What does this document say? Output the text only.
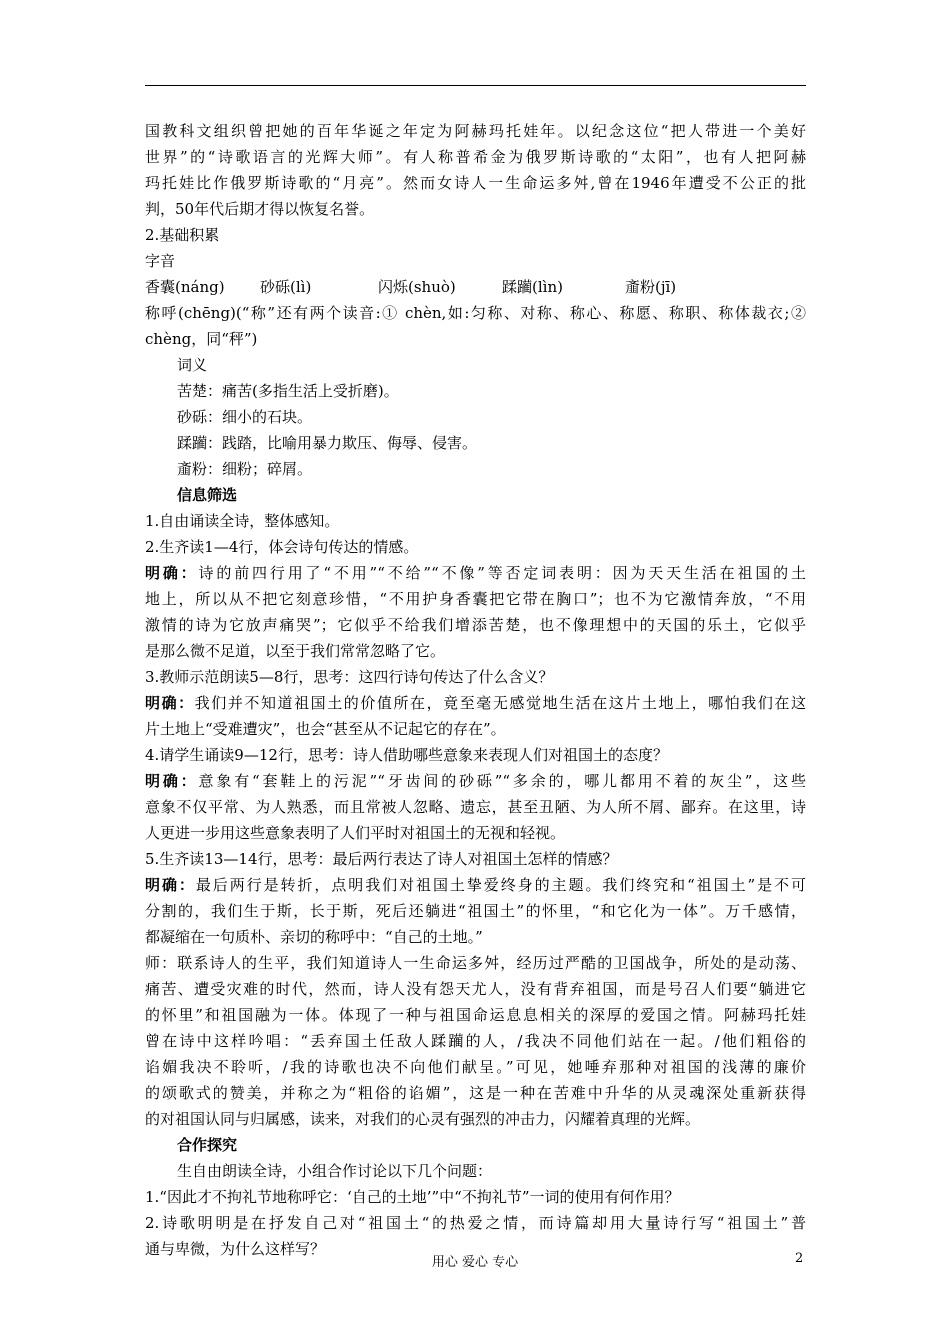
国教科文组织曾把她的百年华诞之年定为阿赫玛托娃年。以纪念这位“把人带进一个美好
世界”的“诗歌语言的光辉大师”。有人称普希金为俄罗斯诗歌的“太阳”，也有人把阿赫
玛托娃比作俄罗斯诗歌的“月亮”。然而女诗人一生命运多舛,曾在1946年遭受不公正的批
判，50年代后期才得以恢复名誉。
2.基础积累
字音
香囊(náng)	砂砾(lì)	闪烁(shuò)	蹂躏(lìn)	齑粉(jī)
称呼(chēng)(“称”还有两个读音:① chèn,如:匀称、对称、称心、称愿、称职、称体裁衣;②
chèng，同“秤”)
词义
苦楚：痛苦(多指生活上受折磨)。
砂砾：细小的石块。
蹂躏：践踏，比喻用暴力欺压、侮辱、侵害。
齑粉：细粉；碎屑。
信息筛选
1.自由诵读全诗，整体感知。
2.生齐读1—4行，体会诗句传达的情感。
明确：诗的前四行用了“不用”“不给”“不像”等否定词表明：因为天天生活在祖国的土
地上，所以从不把它刻意珍惜，“不用护身香囊把它带在胸口”；也不为它激情奔放，“不用
激情的诗为它放声痛哭”；它似乎不给我们增添苦楚，也不像理想中的天国的乐土，它似乎
是那么微不足道，以至于我们常常忽略了它。
3.教师示范朗读5—8行，思考：这四行诗句传达了什么含义？
明确：我们并不知道祖国土的价值所在，竟至毫无感觉地生活在这片土地上，哪怕我们在这
片土地上“受难遭灾”，也会“甚至从不记起它的存在”。
4.请学生诵读9—12行，思考：诗人借助哪些意象来表现人们对祖国土的态度？
明确：意象有“套鞋上的污泥”“牙齿间的砂砾”“多余的，哪儿都用不着的灰尘”，这些
意象不仅平常、为人熟悉，而且常被人忽略、遗忘，甚至丑陋、为人所不屑、鄙弃。在这里，诗
人更进一步用这些意象表明了人们平时对祖国土的无视和轻视。
5.生齐读13—14行，思考：最后两行表达了诗人对祖国土怎样的情感？
明确：最后两行是转折，点明我们对祖国土挚爱终身的主题。我们终究和“祖国土”是不可
分割的，我们生于斯，长于斯，死后还躺进“祖国土”的怀里，“和它化为一体”。万千感情，
都凝缩在一句质朴、亲切的称呼中：“自己的土地。”
师：联系诗人的生平，我们知道诗人一生命运多舛，经历过严酷的卫国战争，所处的是动荡、
痛苦、遭受灾难的时代，然而，诗人没有怨天尤人，没有背弃祖国，而是号召人们要“躺进它
的怀里”和祖国融为一体。体现了一种与祖国命运息息相关的深厚的爱国之情。阿赫玛托娃
曾在诗中这样吟唱：“丢弃国土任敌人蹂躏的人，/我决不同他们站在一起。/他们粗俗的
谄媚我决不聆听，/我的诗歌也决不向他们献呈。”可见，她唾弃那种对祖国的浅薄的廉价
的颂歌式的赞美，并称之为“粗俗的谄媚”，这是一种在苦难中升华的从灵魂深处重新获得
的对祖国认同与归属感，读来，对我们的心灵有强烈的冲击力，闪耀着真理的光辉。
合作探究
生自由朗读全诗，小组合作讨论以下几个问题：
1.“因此才不拘礼节地称呼它：‘自己的土地’”中“不拘礼节”一词的使用有何作用？
2.诗歌明明是在抒发自己对“祖国土“的热爱之情，而诗篇却用大量诗行写“祖国土”普
通与卑微，为什么这样写？
用心 爱心 专心	2
